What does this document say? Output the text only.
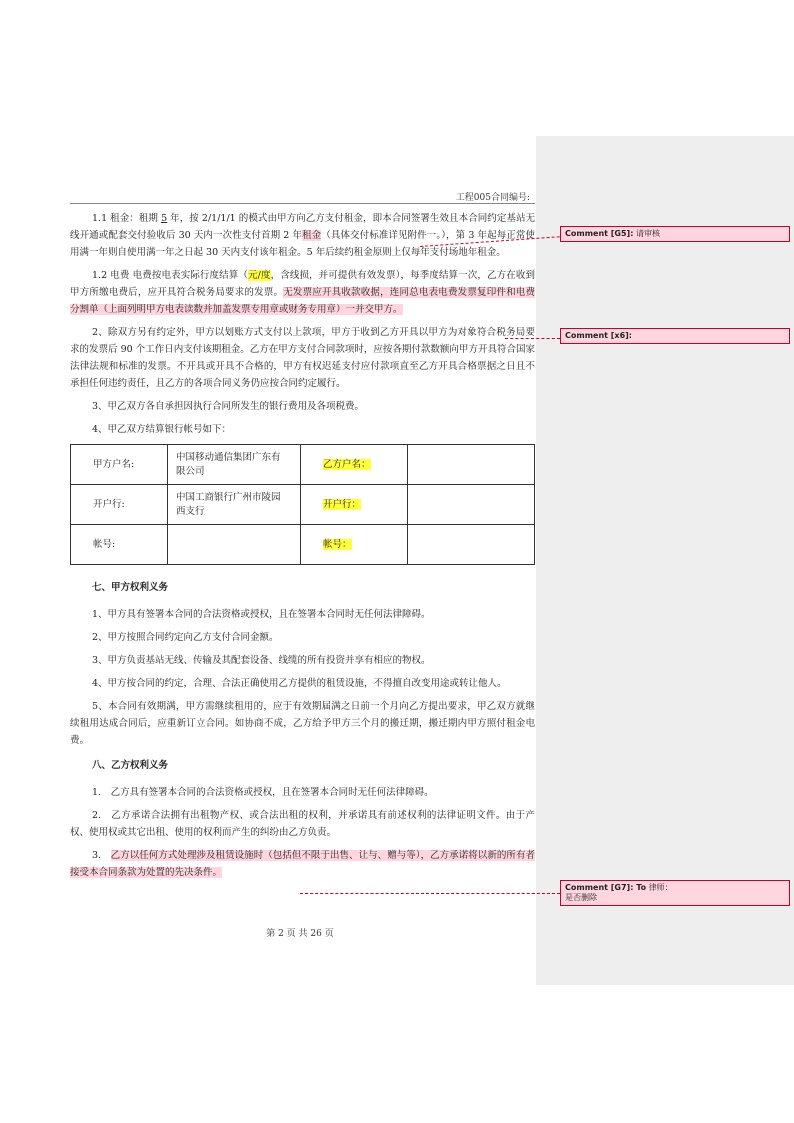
工程005合同编号:

1.1 租金：租期 5 年，按 2/1/1/1 的模式由甲方向乙方支付租金，即本合同签署生效且本合同约定基站无线开通或配套交付验收后 30 天内一次性支付首期 2 年租金（具体交付标准详见附件一。），第 3 年起每正常使用满一年则自使用满一年之日起 30 天内支付该年租金。5 年后续约租金原则上仅每年支付场地年租金。

1.2 电费 电费按电表实际行度结算（元/度，含线损，并可提供有效发票），每季度结算一次，乙方在收到甲方所缴电费后，应开具符合税务局要求的发票。无发票应开具收款收据，连同总电表电费发票复印件和电费分割单（上面列明甲方电表读数并加盖发票专用章或财务专用章）一并交甲方。

2、除双方另有约定外，甲方以划账方式支付以上款项，甲方于收到乙方开具以甲方为对象符合税务局要求的发票后 90 个工作日内支付该期租金。乙方在甲方支付合同款项时，应按各期付款数额向甲方开具符合国家法律法规和标准的发票。不开具或开具不合格的，甲方有权迟延支付应付款项直至乙方开具合格票据之日且不承担任何违约责任，且乙方的各项合同义务仍应按合同约定履行。

3、甲乙双方各自承担因执行合同所发生的银行费用及各项税费。

4、甲乙双方结算银行帐号如下：

甲方户名:	中国移动通信集团广东有限公司	乙方户名：	
开户行:	中国工商银行广州市陵园西支行	开户行：	
帐号:		帐号：	

七、甲方权利义务

1、甲方具有签署本合同的合法资格或授权，且在签署本合同时无任何法律障碍。

2、甲方按照合同约定向乙方支付合同金额。

3、甲方负责基站无线、传输及其配套设备、线缆的所有投资并享有相应的物权。

4、甲方按合同的约定，合理、合法正确使用乙方提供的租赁设施，不得擅自改变用途或转让他人。

5、本合同有效期满，甲方需继续租用的，应于有效期届满之日前一个月向乙方提出要求，甲乙双方就继续租用达成合同后，应重新订立合同。如协商不成，乙方给予甲方三个月的搬迁期，搬迁期内甲方照付租金电费。

八、乙方权利义务

1.　乙方具有签署本合同的合法资格或授权，且在签署本合同时无任何法律障碍。

2.　乙方承诺合法拥有出租物产权、或合法出租的权利，并承诺具有前述权利的法律证明文件。由于产权、使用权或其它出租、使用的权利而产生的纠纷由乙方负责。

3.　 乙方以任何方式处理涉及租赁设施时（包括但不限于出售、让与、赠与等），乙方承诺将以新的所有者接受本合同条款为处置的先决条件。

第 2 页 共 26 页
Comment [G5]: 请审核
Comment [x6]:
Comment [G7]: To 律师：
是否删除
